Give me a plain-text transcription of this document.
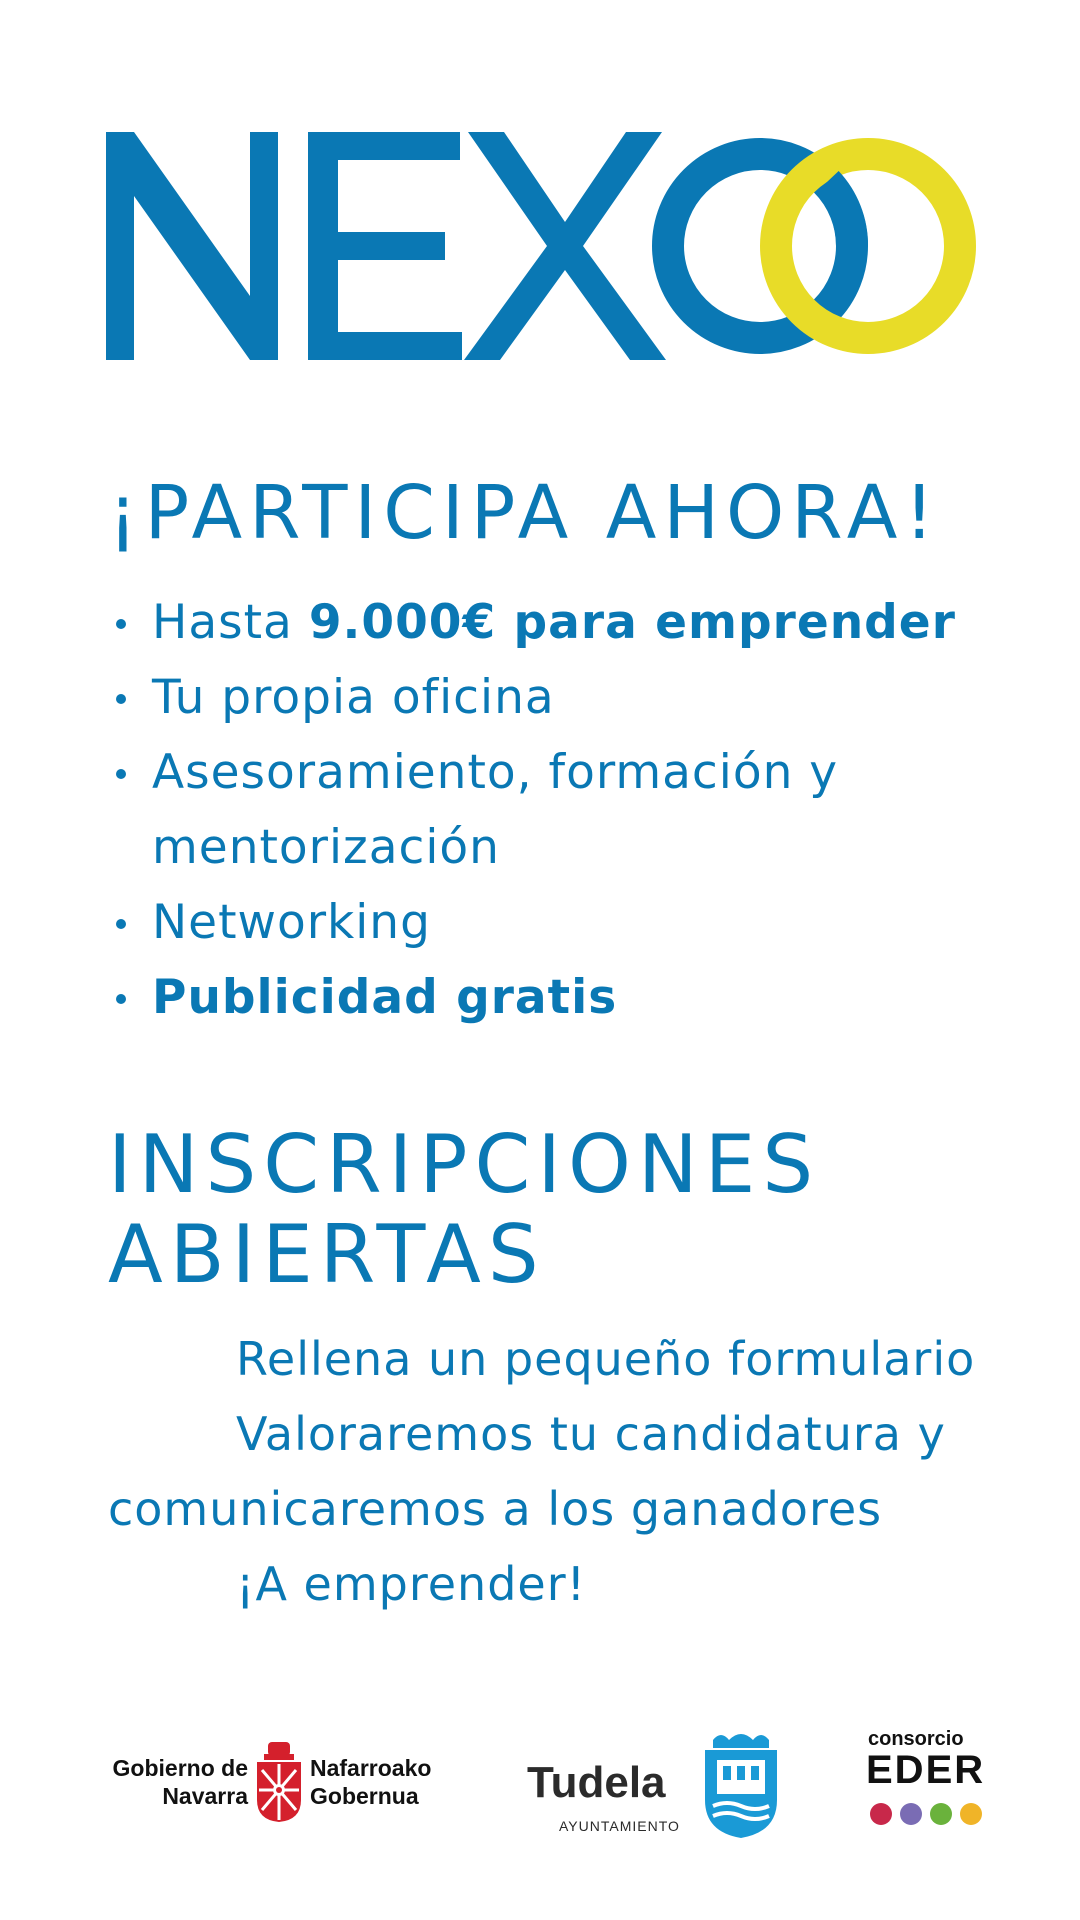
NEXOO
¡PARTICIPA AHORA!
Hasta 9.000€ para emprender
Tu propia oficina
Asesoramiento, formación y mentorización
Networking
Publicidad gratis
INSCRIPCIONES ABIERTAS

Rellena un pequeño formulario

Valoraremos tu candidatura y comunicaremos a los ganadores

¡A emprender!

Gobierno de Navarra
Nafarroako Gobernua	Tudela
AYUNTAMIENTO
consorcio
EDER
